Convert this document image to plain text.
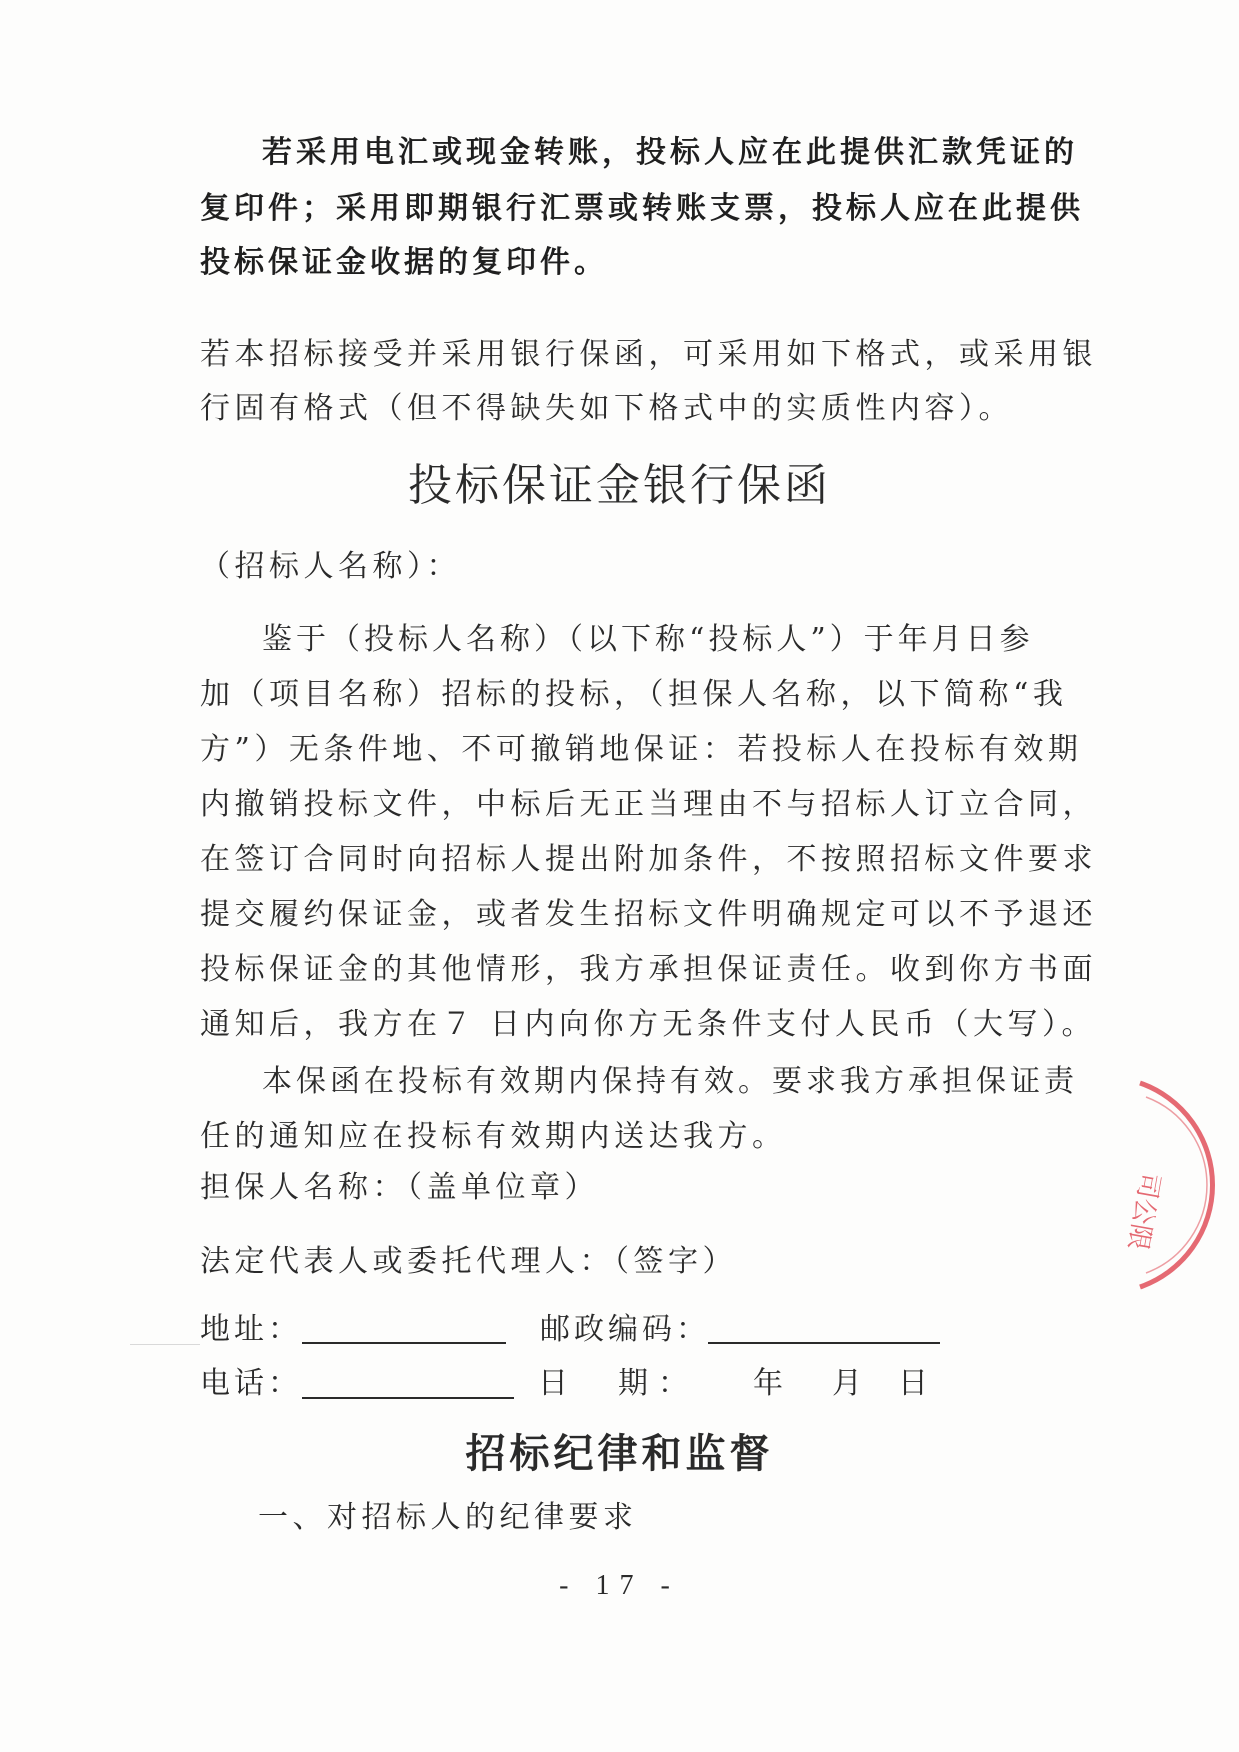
若采用电汇或现金转账，投标人应在此提供汇款凭证的
复印件；采用即期银行汇票或转账支票，投标人应在此提供
投标保证金收据的复印件。
若本招标接受并采用银行保函，可采用如下格式，或采用银
行固有格式（但不得缺失如下格式中的实质性内容）。
投标保证金银行保函
（招标人名称）：
鉴于（投标人名称）（以下称“投标人”）于年月日参
加（项目名称）招标的投标，（担保人名称，以下简称“我
方”）无条件地、不可撤销地保证：若投标人在投标有效期
内撤销投标文件，中标后无正当理由不与招标人订立合同，
在签订合同时向招标人提出附加条件，不按照招标文件要求
提交履约保证金，或者发生招标文件明确规定可以不予退还
投标保证金的其他情形，我方承担保证责任。收到你方书面
通知后，我方在７ 日内向你方无条件支付人民币（大写）。
本保函在投标有效期内保持有效。要求我方承担保证责
任的通知应在投标有效期内送达我方。
担保人名称：（盖单位章）
法定代表人或委托代理人：（签字）
地址：	邮政编码：
电话：	日　期： 年 月 日
招标纪律和监督
一、对招标人的纪律要求
- 17 -
司公限
